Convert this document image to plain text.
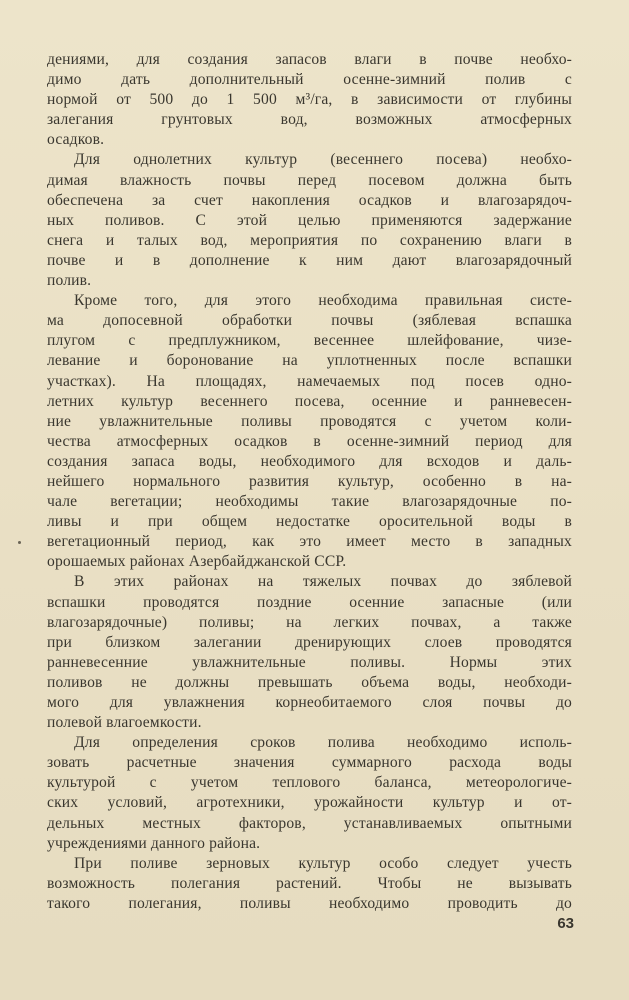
дениями, для создания запасов влаги в почве необхо-
димо дать дополнительный осенне-зимний полив с
нормой от 500 до 1 500 м³/га, в зависимости от глубины
залегания грунтовых вод, возможных атмосферных
осадков.
Для однолетних культур (весеннего посева) необхо-
димая влажность почвы перед посевом должна быть
обеспечена за счет накопления осадков и влагозарядоч-
ных поливов. С этой целью применяются задержание
снега и талых вод, мероприятия по сохранению влаги в
почве и в дополнение к ним дают влагозарядочный
полив.
Кроме того, для этого необходима правильная систе-
ма допосевной обработки почвы (зяблевая вспашка
плугом с предплужником, весеннее шлейфование, чизе-
левание и боронование на уплотненных после вспашки
участках). На площадях, намечаемых под посев одно-
летних культур весеннего посева, осенние и ранневесен-
ние увлажнительные поливы проводятся с учетом коли-
чества атмосферных осадков в осенне-зимний период для
создания запаса воды, необходимого для всходов и даль-
нейшего нормального развития культур, особенно в на-
чале вегетации; необходимы такие влагозарядочные по-
ливы и при общем недостатке оросительной воды в
вегетационный период, как это имеет место в западных
орошаемых районах Азербайджанской ССР.
В этих районах на тяжелых почвах до зяблевой
вспашки проводятся поздние осенние запасные (или
влагозарядочные) поливы; на легких почвах, а также
при близком залегании дренирующих слоев проводятся
ранневесенние увлажнительные поливы. Нормы этих
поливов не должны превышать объема воды, необходи-
мого для увлажнения корнеобитаемого слоя почвы до
полевой влагоемкости.
Для определения сроков полива необходимо исполь-
зовать расчетные значения суммарного расхода воды
культурой с учетом теплового баланса, метеорологиче-
ских условий, агротехники, урожайности культур и от-
дельных местных факторов, устанавливаемых опытными
учреждениями данного района.
При поливе зерновых культур особо следует учесть
возможность полегания растений. Чтобы не вызывать
такого полегания, поливы необходимо проводить до
63
